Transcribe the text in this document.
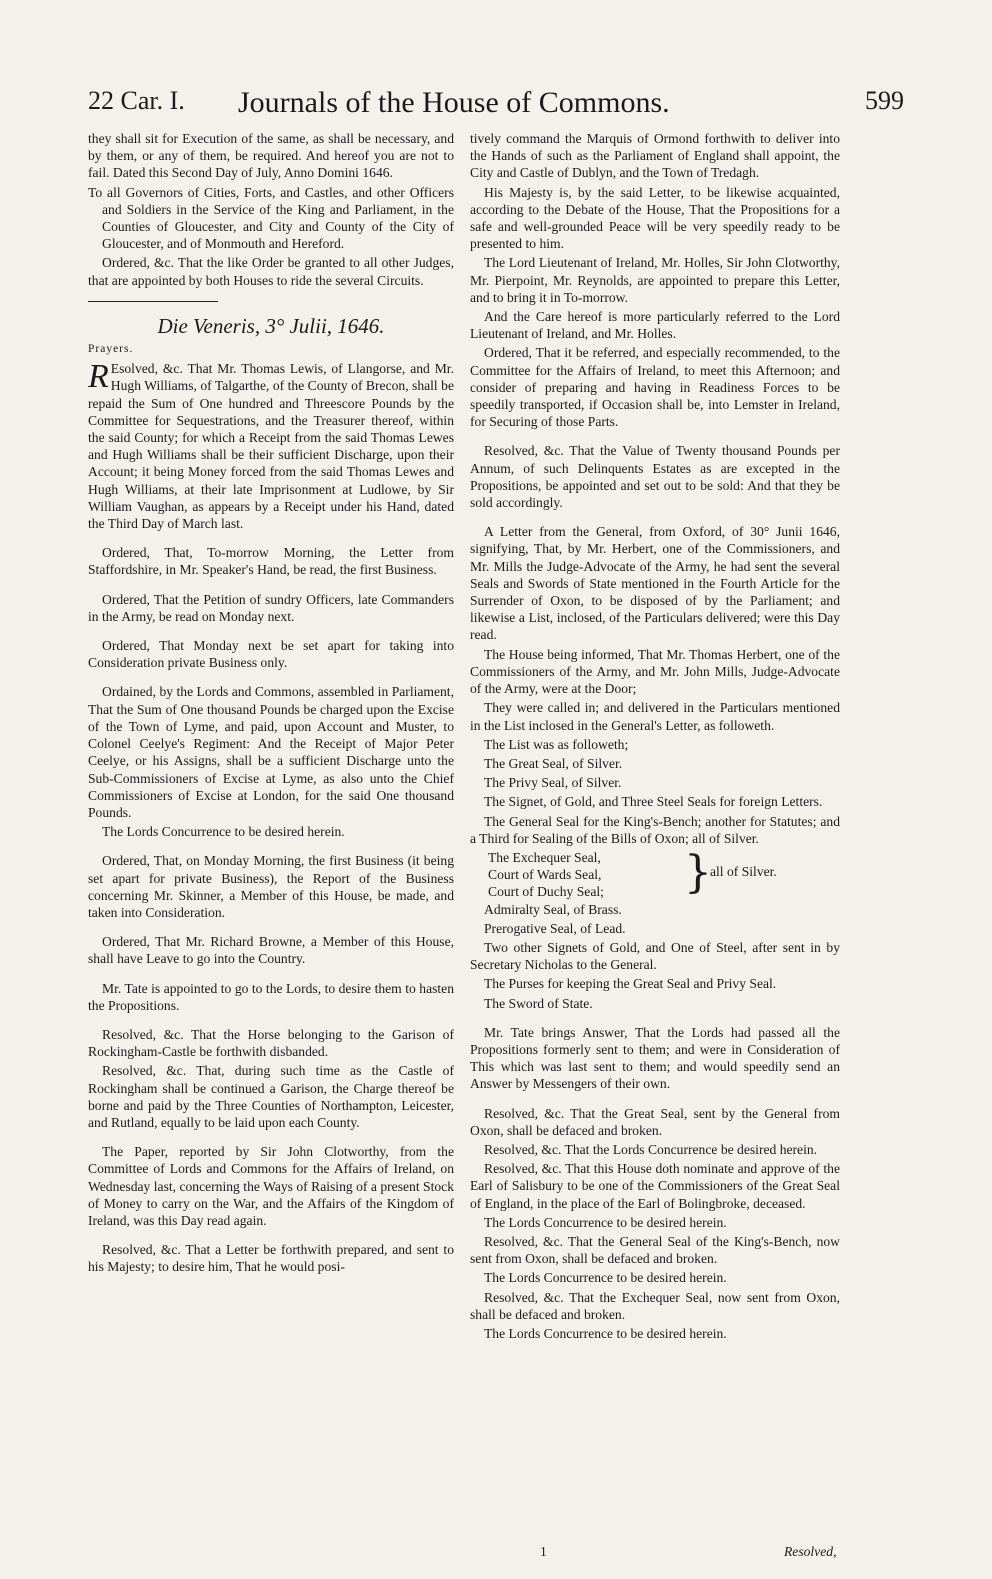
22 Car. I. Journals of the House of Commons.	599

they shall sit for Execution of the same, as shall be necessary, and by them, or any of them, be required. And hereof you are not to fail. Dated this Second Day of July, Anno Domini 1646.

To all Governors of Cities, Forts, and Castles, and other Officers and Soldiers in the Service of the King and Parliament, in the Counties of Gloucester, and City and County of the City of Gloucester, and of Monmouth and Hereford.

Ordered, &c. That the like Order be granted to all other Judges, that are appointed by both Houses to ride the several Circuits.

Die Veneris, 3° Julii, 1646.

Prayers.

R Esolved, &c. That Mr. Thomas Lewis, of Llangorse, and Mr. Hugh Williams, of Talgarthe, of the County of Brecon, shall be repaid the Sum of One hundred and Threescore Pounds by the Committee for Sequestrations, and the Treasurer thereof, within the said County; for which a Receipt from the said Thomas Lewes and Hugh Williams shall be their sufficient Discharge, upon their Account; it being Money forced from the said Thomas Lewes and Hugh Williams, at their late Imprisonment at Ludlowe, by Sir William Vaughan, as appears by a Receipt under his Hand, dated the Third Day of March last.

Ordered, That, To-morrow Morning, the Letter from Staffordshire, in Mr. Speaker's Hand, be read, the first Business.

Ordered, That the Petition of sundry Officers, late Commanders in the Army, be read on Monday next.

Ordered, That Monday next be set apart for taking into Consideration private Business only.

Ordained, by the Lords and Commons, assembled in Parliament, That the Sum of One thousand Pounds be charged upon the Excise of the Town of Lyme, and paid, upon Account and Muster, to Colonel Ceelye's Regiment: And the Receipt of Major Peter Ceelye, or his Assigns, shall be a sufficient Discharge unto the Sub-Commissioners of Excise at Lyme, as also unto the Chief Commissioners of Excise at London, for the said One thousand Pounds.

The Lords Concurrence to be desired herein.

Ordered, That, on Monday Morning, the first Business (it being set apart for private Business), the Report of the Business concerning Mr. Skinner, a Member of this House, be made, and taken into Consideration.

Ordered, That Mr. Richard Browne, a Member of this House, shall have Leave to go into the Country.

Mr. Tate is appointed to go to the Lords, to desire them to hasten the Propositions.

Resolved, &c. That the Horse belonging to the Garison of Rockingham-Castle be forthwith disbanded.

Resolved, &c. That, during such time as the Castle of Rockingham shall be continued a Garison, the Charge thereof be borne and paid by the Three Counties of Northampton, Leicester, and Rutland, equally to be laid upon each County.

The Paper, reported by Sir John Clotworthy, from the Committee of Lords and Commons for the Affairs of Ireland, on Wednesday last, concerning the Ways of Raising of a present Stock of Money to carry on the War, and the Affairs of the Kingdom of Ireland, was this Day read again.

Resolved, &c. That a Letter be forthwith prepared, and sent to his Majesty; to desire him, That he would posi-

tively command the Marquis of Ormond forthwith to deliver into the Hands of such as the Parliament of England shall appoint, the City and Castle of Dublyn, and the Town of Tredagh.

His Majesty is, by the said Letter, to be likewise acquainted, according to the Debate of the House, That the Propositions for a safe and well-grounded Peace will be very speedily ready to be presented to him.

The Lord Lieutenant of Ireland, Mr. Holles, Sir John Clotworthy, Mr. Pierpoint, Mr. Reynolds, are appointed to prepare this Letter, and to bring it in To-morrow.

And the Care hereof is more particularly referred to the Lord Lieutenant of Ireland, and Mr. Holles.

Ordered, That it be referred, and especially recommended, to the Committee for the Affairs of Ireland, to meet this Afternoon; and consider of preparing and having in Readiness Forces to be speedily transported, if Occasion shall be, into Lemster in Ireland, for Securing of those Parts.

Resolved, &c. That the Value of Twenty thousand Pounds per Annum, of such Delinquents Estates as are excepted in the Propositions, be appointed and set out to be sold: And that they be sold accordingly.

A Letter from the General, from Oxford, of 30° Junii 1646, signifying, That, by Mr. Herbert, one of the Commissioners, and Mr. Mills the Judge-Advocate of the Army, he had sent the several Seals and Swords of State mentioned in the Fourth Article for the Surrender of Oxon, to be disposed of by the Parliament; and likewise a List, inclosed, of the Particulars delivered; were this Day read.

The House being informed, That Mr. Thomas Herbert, one of the Commissioners of the Army, and Mr. John Mills, Judge-Advocate of the Army, were at the Door;

They were called in; and delivered in the Particulars mentioned in the List inclosed in the General's Letter, as followeth.

The List was as followeth;

The Great Seal, of Silver.

The Privy Seal, of Silver.

The Signet, of Gold, and Three Steel Seals for foreign Letters.

The General Seal for the King's-Bench; another for Statutes; and a Third for Sealing of the Bills of Oxon; all of Silver.

The Exchequer Seal,
Court of Wards Seal,
Court of Duchy Seal;	}
all of Silver.

Admiralty Seal, of Brass.

Prerogative Seal, of Lead.

Two other Signets of Gold, and One of Steel, after sent in by Secretary Nicholas to the General.

The Purses for keeping the Great Seal and Privy Seal.

The Sword of State.

Mr. Tate brings Answer, That the Lords had passed all the Propositions formerly sent to them; and were in Consideration of This which was last sent to them; and would speedily send an Answer by Messengers of their own.

Resolved, &c. That the Great Seal, sent by the General from Oxon, shall be defaced and broken.

Resolved, &c. That the Lords Concurrence be desired herein.

Resolved, &c. That this House doth nominate and approve of the Earl of Salisbury to be one of the Commissioners of the Great Seal of England, in the place of the Earl of Bolingbroke, deceased.

The Lords Concurrence to be desired herein.

Resolved, &c. That the General Seal of the King's-Bench, now sent from Oxon, shall be defaced and broken.

The Lords Concurrence to be desired herein.

Resolved, &c. That the Exchequer Seal, now sent from Oxon, shall be defaced and broken.

The Lords Concurrence to be desired herein.

1	Resolved,
